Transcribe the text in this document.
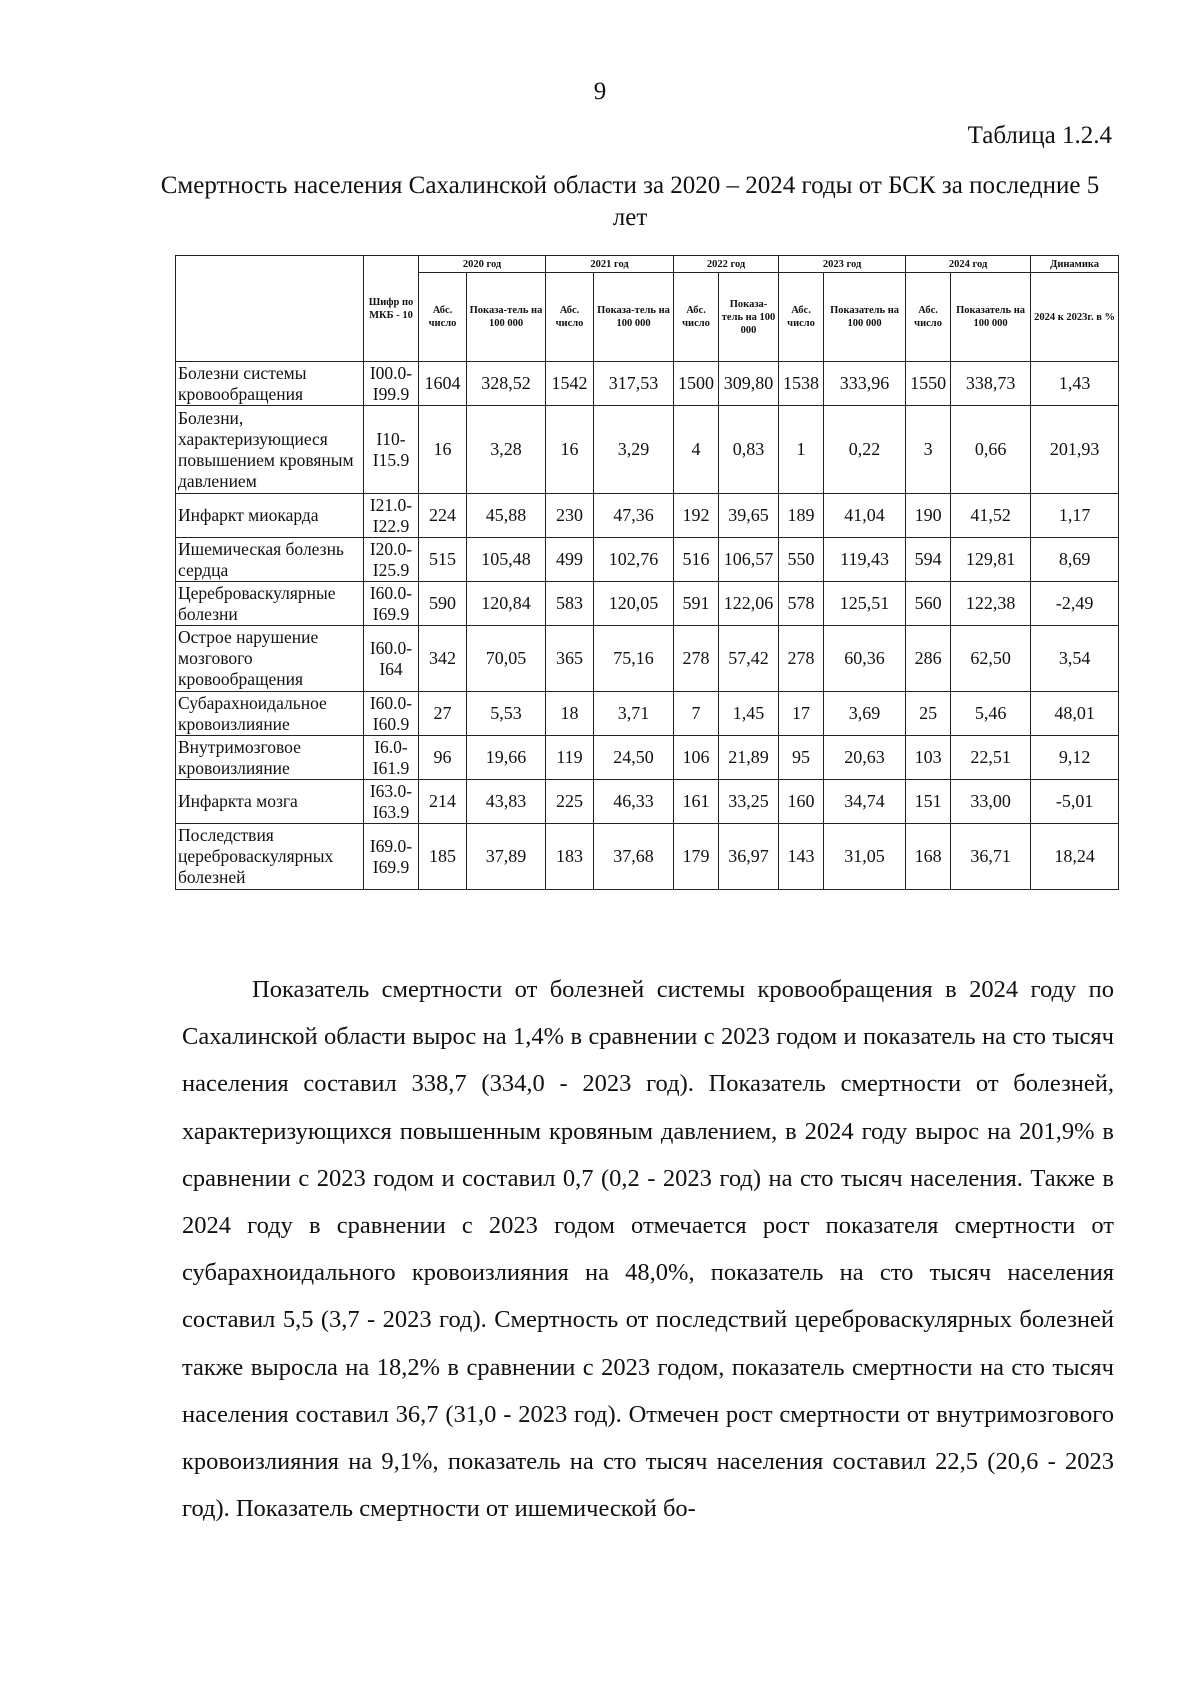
9
Таблица 1.2.4
Смертность населения Сахалинской области за 2020 – 2024 годы от БСК за последние 5 лет
	Шифр по МКБ - 10	2020 год		2021 год		2022 год		2023 год		2024 год		Динамика
		Абс. число	Показа-тель на 100 000	Абс. число	Показа-тель на 100 000	Абс. число	Показа-тель на 100 000	Абс. число	Показатель на 100 000	Абс. число	Показатель на 100 000	2024 к 2023г. в %
Болезни системы кровообращения	I00.0-I99.9	1604	328,52	1542	317,53	1500	309,80	1538	333,96	1550	338,73	1,43
Болезни, характеризующиеся повышением кровяным давлением	I10-I15.9	16	3,28	16	3,29	4	0,83	1	0,22	3	0,66	201,93
Инфаркт миокарда	I21.0-I22.9	224	45,88	230	47,36	192	39,65	189	41,04	190	41,52	1,17
Ишемическая болезнь сердца	I20.0-I25.9	515	105,48	499	102,76	516	106,57	550	119,43	594	129,81	8,69
Цереброваскулярные болезни	I60.0-I69.9	590	120,84	583	120,05	591	122,06	578	125,51	560	122,38	-2,49
Острое нарушение мозгового кровообращения	I60.0-I64	342	70,05	365	75,16	278	57,42	278	60,36	286	62,50	3,54
Субарахноидальное кровоизлияние	I60.0-I60.9	27	5,53	18	3,71	7	1,45	17	3,69	25	5,46	48,01
Внутримозговое кровоизлияние	I6.0-I61.9	96	19,66	119	24,50	106	21,89	95	20,63	103	22,51	9,12
Инфаркта мозга	I63.0-I63.9	214	43,83	225	46,33	161	33,25	160	34,74	151	33,00	-5,01
Последствия цереброваскулярных болезней	I69.0-I69.9	185	37,89	183	37,68	179	36,97	143	31,05	168	36,71	18,24

Показатель смертности от болезней системы кровообращения в 2024 году по Сахалинской области вырос на 1,4% в сравнении с 2023 годом и показатель на сто тысяч населения составил 338,7 (334,0 - 2023 год). Показатель смертности от болезней, характеризующихся повышенным кровяным давлением, в 2024 году вырос на 201,9% в сравнении с 2023 годом и составил 0,7 (0,2 - 2023 год) на сто тысяч населения. Также в 2024 году в сравнении с 2023 годом отмечается рост показателя смертности от субарахноидального кровоизлияния на 48,0%, показатель на сто тысяч населения составил 5,5 (3,7 - 2023 год). Смертность от последствий цереброваскулярных болезней также выросла на 18,2% в сравнении с 2023 годом, показатель смертности на сто тысяч населения составил 36,7 (31,0 - 2023 год). Отмечен рост смертности от внутримозгового кровоизлияния на 9,1%, показатель на сто тысяч населения составил 22,5 (20,6 - 2023 год). Показатель смертности от ишемической бо-
